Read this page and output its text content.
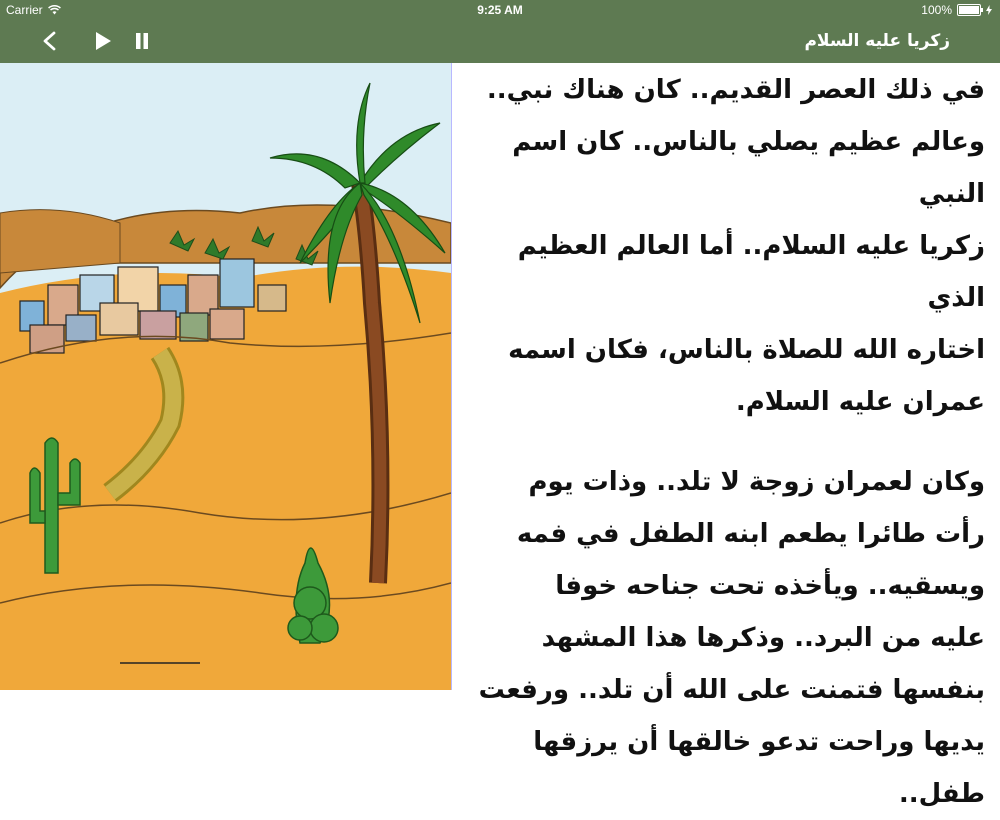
Carrier	9:25 AM	100%
زكريا عليه السلام

في ذلك العصر القديم.. كان هناك نبي..
وعالم عظيم يصلي بالناس.. كان اسم النبي
زكريا عليه السلام.. أما العالم العظيم الذي
اختاره الله للصلاة بالناس، فكان اسمه
عمران عليه السلام.

وكان لعمران زوجة لا تلد.. وذات يوم
رأت طائرا يطعم ابنه الطفل في فمه
ويسقيه.. ويأخذه تحت جناحه خوفا
عليه من البرد.. وذكرها هذا المشهد
بنفسها فتمنت على الله أن تلد.. ورفعت
يديها وراحت تدعو خالقها أن يرزقها
طفل..
